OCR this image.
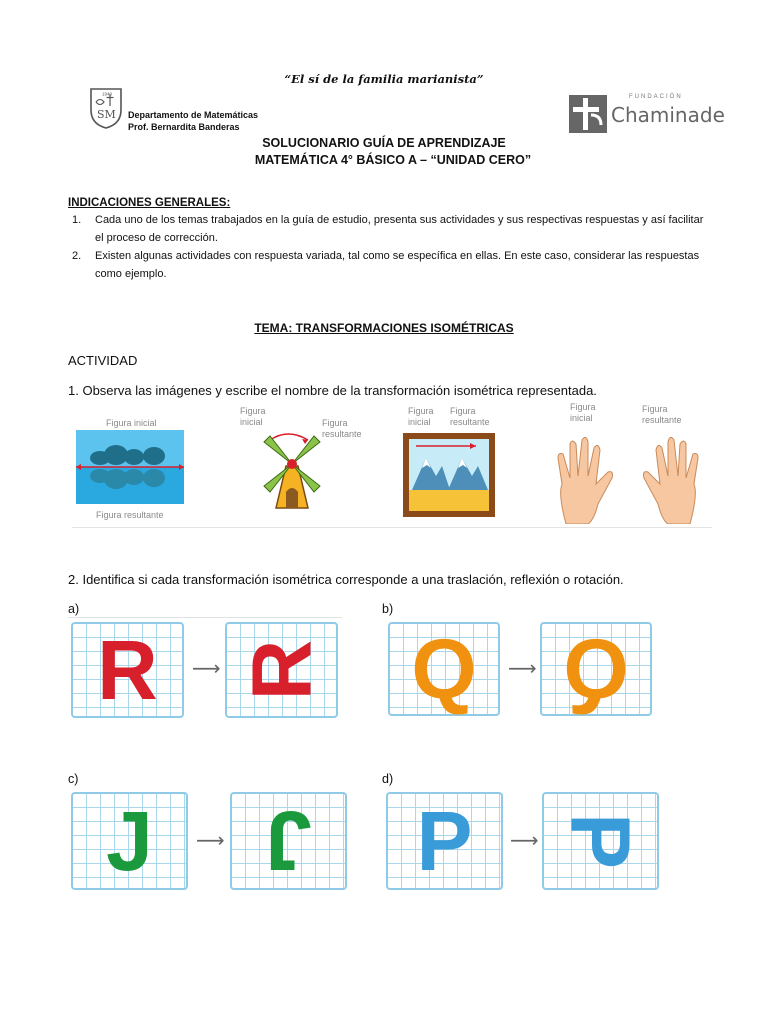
“El sí de la familia marianista”
1940
SM Departamento de Matemáticas
Prof. Bernardita Banderas
FUNDACIÓN
Chaminade
SOLUCIONARIO GUÍA DE APRENDIZAJE
MATEMÁTICA 4° BÁSICO A – “UNIDAD CERO”
INDICACIONES GENERALES:
1. Cada uno de los temas trabajados en la guía de estudio, presenta sus actividades y sus respectivas respuestas y así facilitar el proceso de corrección.
2. Existen algunas actividades con respuesta variada, tal como se específica en ellas. En este caso, considerar las respuestas como ejemplo.
TEMA: TRANSFORMACIONES ISOMÉTRICAS
ACTIVIDAD
1. Observa las imágenes y escribe el nombre de la transformación isométrica representada.
Figura inicial
Figura resultante
Figura inicial	Figura resultante
Figura inicial
Figura resultante
Figura inicial
Figura resultante
2. Identifica si cada transformación isométrica corresponde a una traslación, reflexión o rotación.
a)
R	⟶ R
b)
Q	⟶ Q
c)
J	⟶ J
d)
P	⟶ P
